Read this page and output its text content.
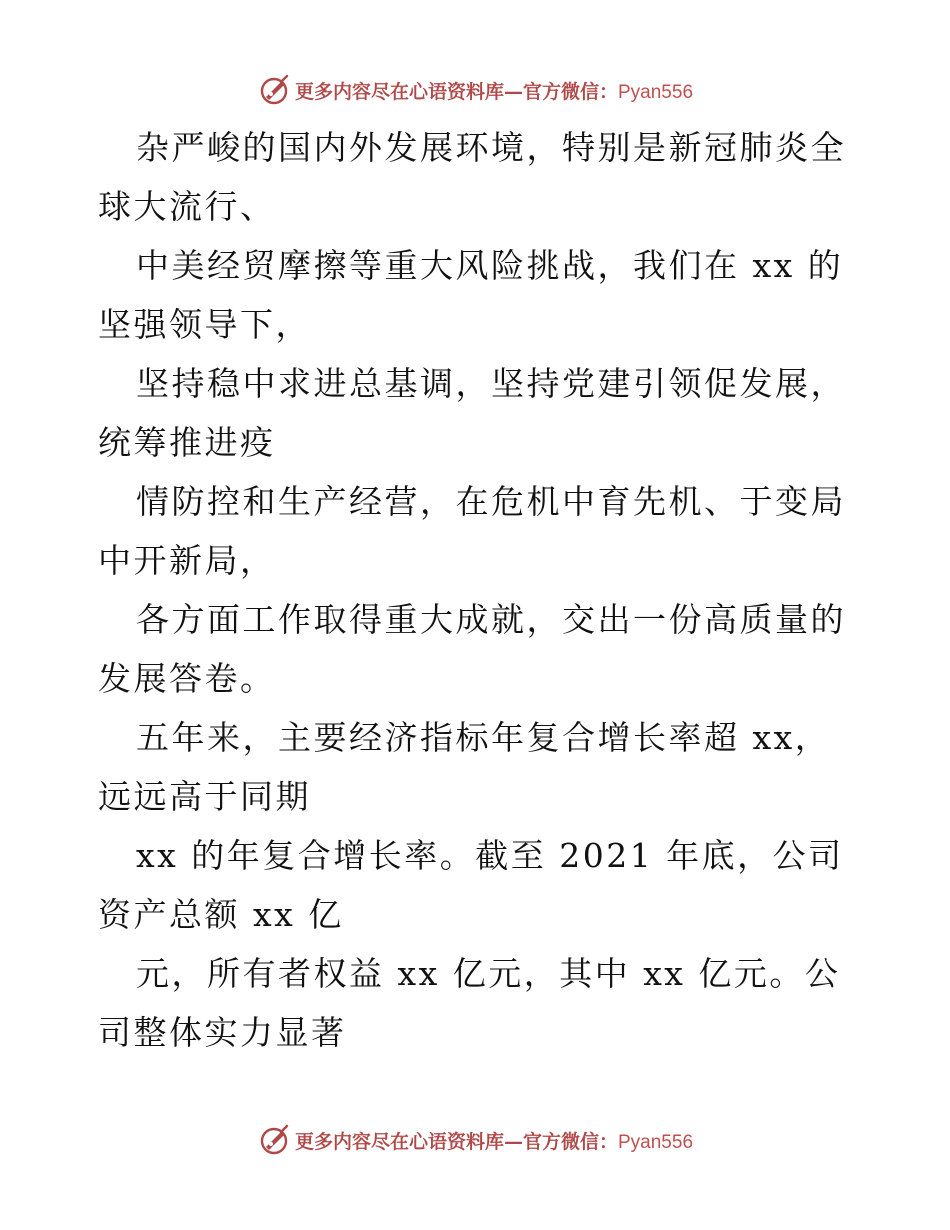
更多内容尽在心语资料库—官方微信：Pyan556

杂严峻的国内外发展环境，特别是新冠肺炎全球大流行、

中美经贸摩擦等重大风险挑战，我们在 xx 的坚强领导下，

坚持稳中求进总基调，坚持党建引领促发展，统筹推进疫

情防控和生产经营，在危机中育先机、于变局中开新局，

各方面工作取得重大成就，交出一份高质量的发展答卷。

五年来，主要经济指标年复合增长率超 xx，远远高于同期

xx 的年复合增长率。截至 2021 年底，公司资产总额 xx 亿

元，所有者权益 xx 亿元，其中 xx 亿元。公司整体实力显著

更多内容尽在心语资料库—官方微信：Pyan556
